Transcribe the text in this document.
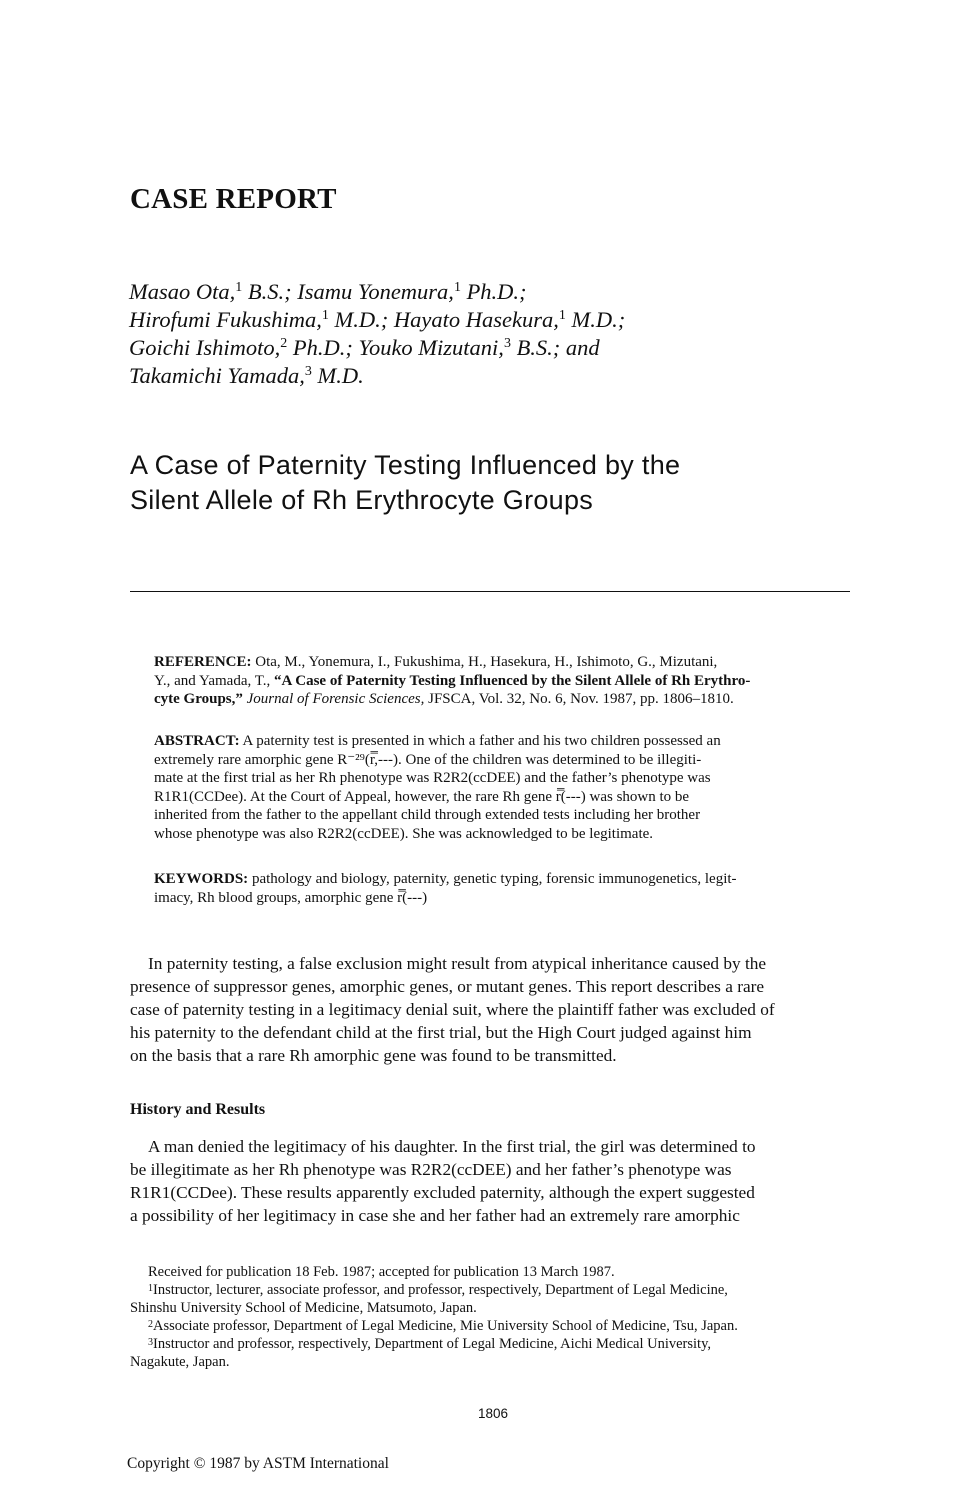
CASE REPORT
Masao Ota,$^1$ B.S.; Isamu Yonemura,$^1$ Ph.D.;
Hirofumi Fukushima,$^1$ M.D.; Hayato Hasekura,$^1$ M.D.;
Goichi Ishimoto,$^2$ Ph.D.; Youko Mizutani,$^3$ B.S.; and
Takamichi Yamada,$^3$ M.D.
A Case of Paternity Testing Influenced by the
Silent Allele of Rh Erythrocyte Groups
REFERENCE: Ota, M., Yonemura, I., Fukushima, H., Hasekura, H., Ishimoto, G., Mizutani,
Y., and Yamada, T., “A Case of Paternity Testing Influenced by the Silent Allele of Rh Erythro-
cyte Groups,” Journal of Forensic Sciences, JFSCA, Vol. 32, No. 6, Nov. 1987, pp. 1806–1810.
ABSTRACT: A paternity test is presented in which a father and his two children possessed an
extremely rare amorphic gene R⁻²⁹(r̿,---). One of the children was determined to be illegiti-
mate at the first trial as her Rh phenotype was R2R2(ccDEE) and the father’s phenotype was
R1R1(CCDee). At the Court of Appeal, however, the rare Rh gene r̿(---) was shown to be
inherited from the father to the appellant child through extended tests including her brother
whose phenotype was also R2R2(ccDEE). She was acknowledged to be legitimate.
KEYWORDS: pathology and biology, paternity, genetic typing, forensic immunogenetics, legit-
imacy, Rh blood groups, amorphic gene r̿(---)
In paternity testing, a false exclusion might result from atypical inheritance caused by the
presence of suppressor genes, amorphic genes, or mutant genes. This report describes a rare
case of paternity testing in a legitimacy denial suit, where the plaintiff father was excluded of
his paternity to the defendant child at the first trial, but the High Court judged against him
on the basis that a rare Rh amorphic gene was found to be transmitted.
History and Results
A man denied the legitimacy of his daughter. In the first trial, the girl was determined to
be illegitimate as her Rh phenotype was R2R2(ccDEE) and her father’s phenotype was
R1R1(CCDee). These results apparently excluded paternity, although the expert suggested
a possibility of her legitimacy in case she and her father had an extremely rare amorphic
Received for publication 18 Feb. 1987; accepted for publication 13 March 1987.
$^1$Instructor, lecturer, associate professor, and professor, respectively, Department of Legal Medicine,
Shinshu University School of Medicine, Matsumoto, Japan.
$^2$Associate professor, Department of Legal Medicine, Mie University School of Medicine, Tsu, Japan.
$^3$Instructor and professor, respectively, Department of Legal Medicine, Aichi Medical University,
Nagakute, Japan.
1806
Copyright © 1987 by ASTM International
